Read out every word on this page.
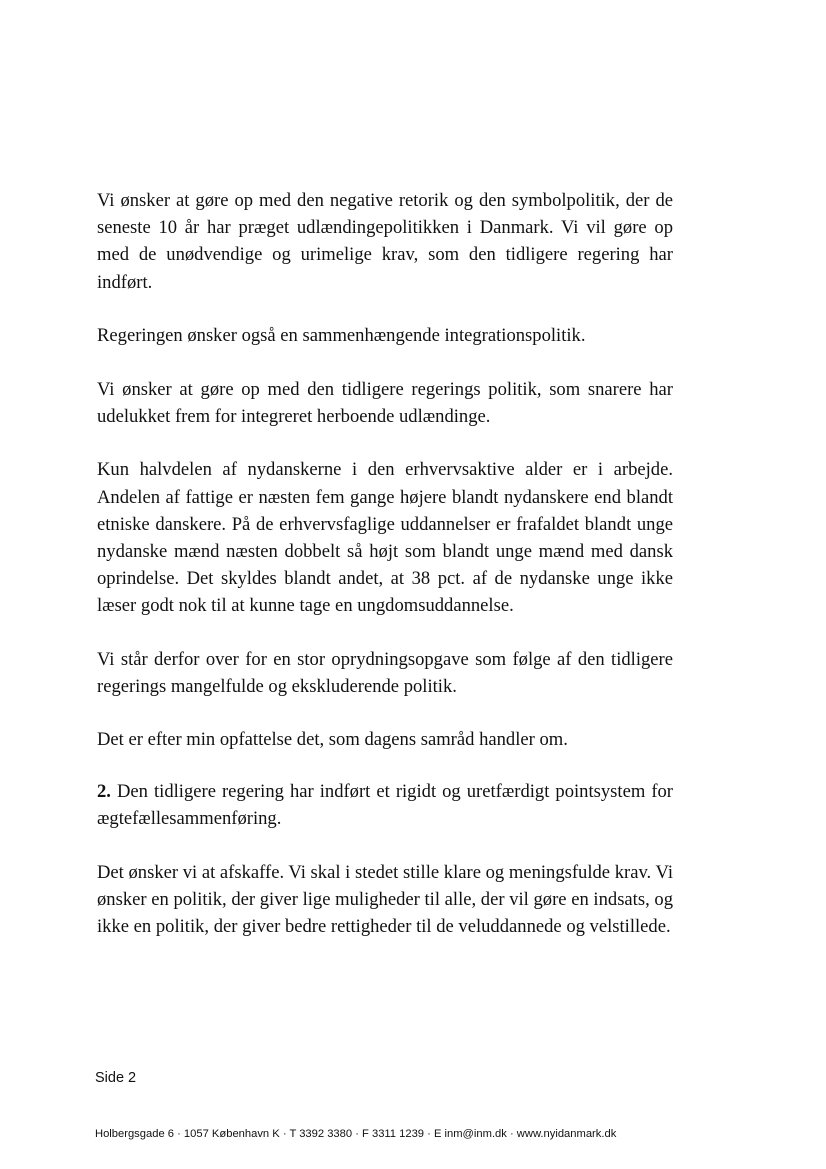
Vi ønsker at gøre op med den negative retorik og den symbolpolitik, der de seneste 10 år har præget udlændingepolitikken i Danmark. Vi vil gøre op med de unødvendige og urimelige krav, som den tidligere regering har indført.

Regeringen ønsker også en sammenhængende integrationspolitik.

Vi ønsker at gøre op med den tidligere regerings politik, som snarere har udelukket frem for integreret herboende udlændinge.

Kun halvdelen af nydanskerne i den erhvervsaktive alder er i arbejde. Andelen af fattige er næsten fem gange højere blandt nydanskere end blandt etniske danskere. På de erhvervsfaglige uddannelser er frafaldet blandt unge nydanske mænd næsten dobbelt så højt som blandt unge mænd med dansk oprindelse. Det skyldes blandt andet, at 38 pct. af de nydanske unge ikke læser godt nok til at kunne tage en ungdomsuddannelse.

Vi står derfor over for en stor oprydningsopgave som følge af den tidligere regerings mangelfulde og ekskluderende politik.

Det er efter min opfattelse det, som dagens samråd handler om.

2. Den tidligere regering har indført et rigidt og uretfærdigt pointsystem for ægtefællesammenføring.

Det ønsker vi at afskaffe. Vi skal i stedet stille klare og meningsfulde krav. Vi ønsker en politik, der giver lige muligheder til alle, der vil gøre en indsats, og ikke en politik, der giver bedre rettigheder til de veluddannede og velstillede.

Side 2
Holbergsgade 6 · 1057 København K · T 3392 3380 · F 3311 1239 · E inm@inm.dk · www.nyidanmark.dk
